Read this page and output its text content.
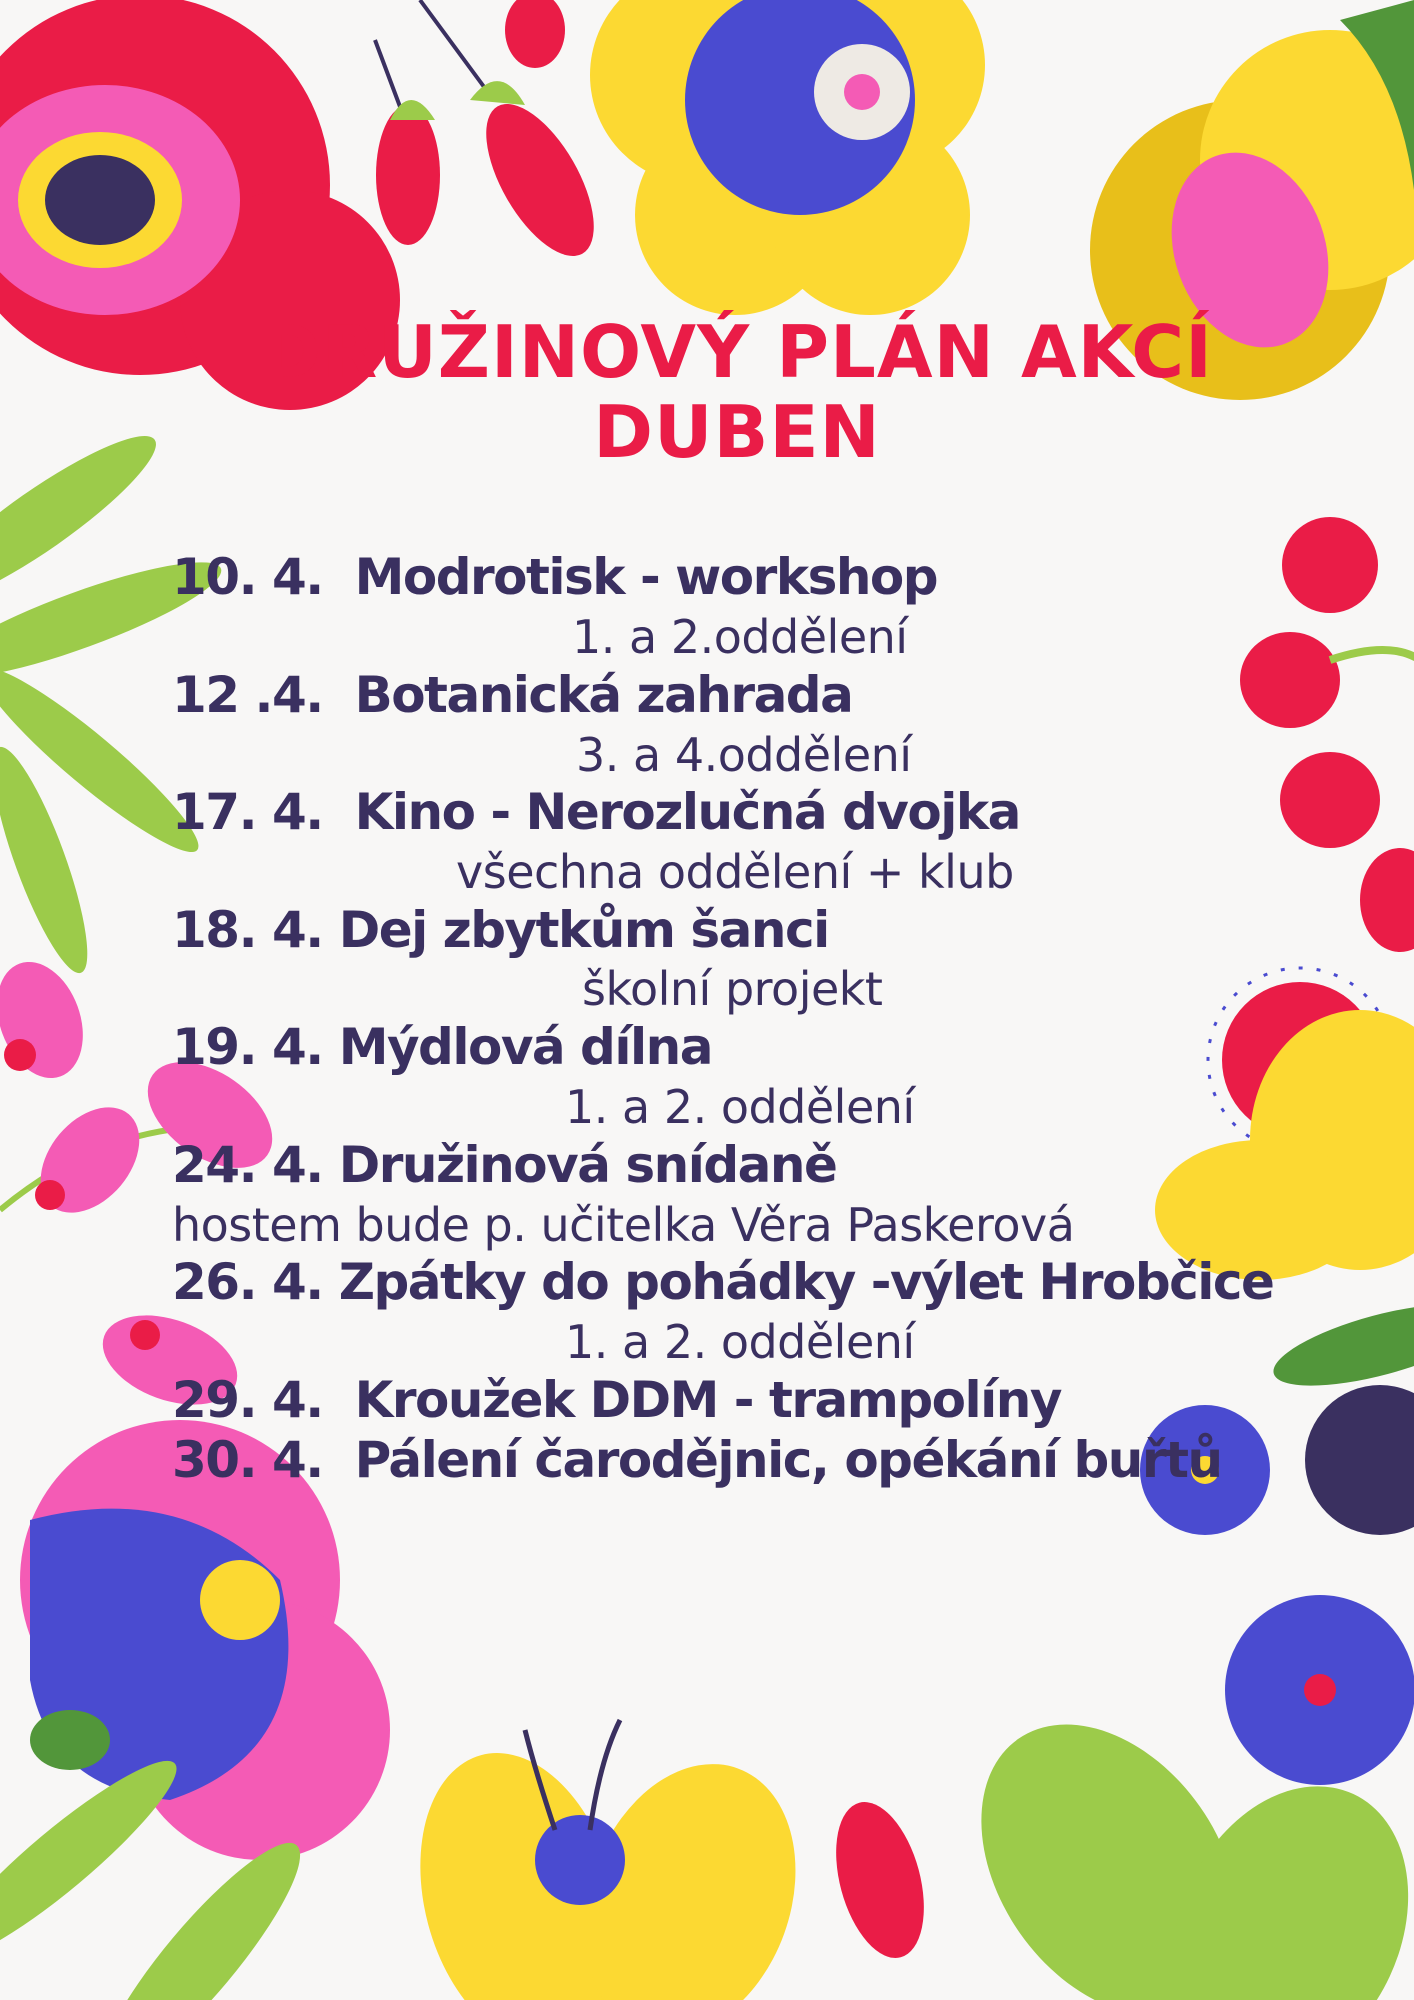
DRUŽINOVÝ PLÁN AKCÍ
DUBEN
10. 4. Modrotisk - workshop
1. a 2.oddělení
12 .4. Botanická zahrada
3. a 4.oddělení
17. 4. Kino - Nerozlučná dvojka
všechna oddělení + klub
18. 4. Dej zbytkům šanci
školní projekt
19. 4. Mýdlová dílna
1. a 2. oddělení
24. 4. Družinová snídaně
hostem bude p. učitelka Věra Paskerová
26. 4. Zpátky do pohádky -výlet Hrobčice
1. a 2. oddělení
29. 4. Kroužek DDM - trampolíny
30. 4. Pálení čarodějnic, opékání buřtů
